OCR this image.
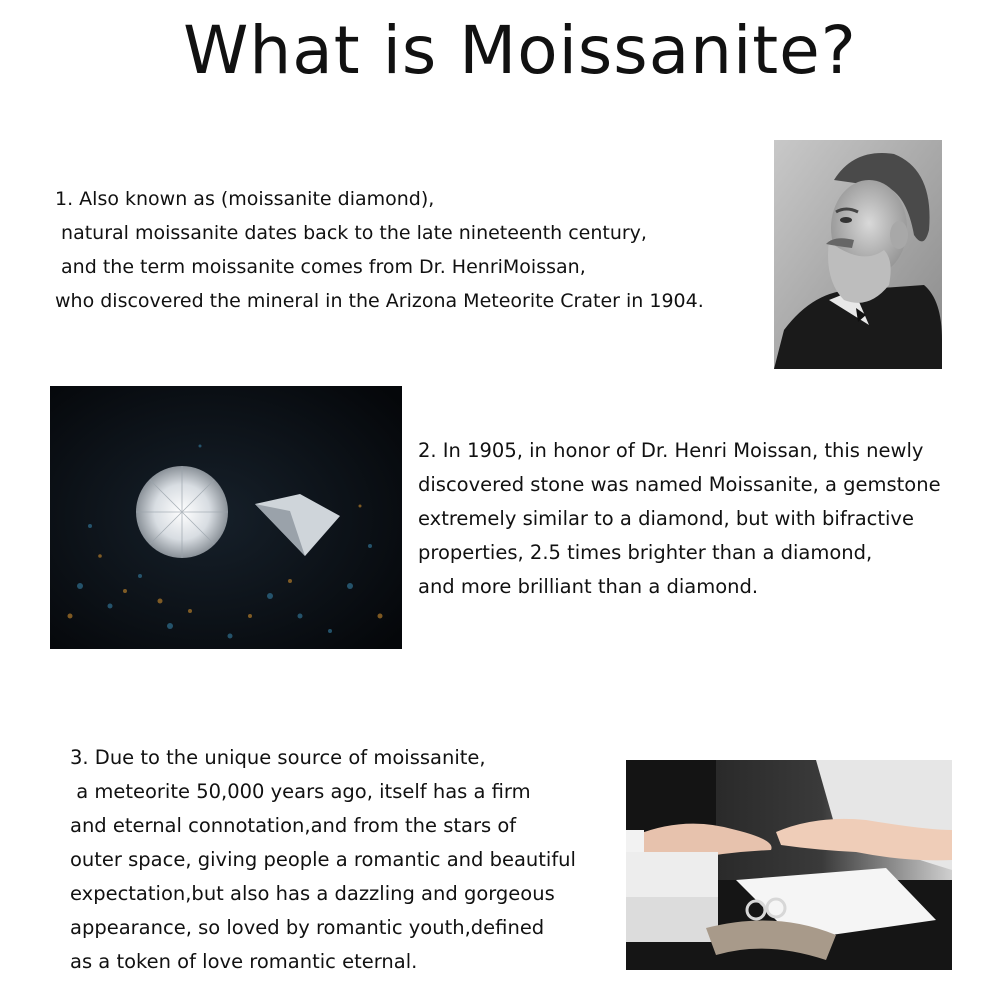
What is Moissanite?
1. Also known as (moissanite diamond),
natural moissanite dates back to the late nineteenth century,
and the term moissanite comes from Dr. HenriMoissan,
who discovered the mineral in the Arizona Meteorite Crater in 1904.
2. In 1905, in honor of Dr. Henri Moissan, this newly
discovered stone was named Moissanite, a gemstone
extremely similar to a diamond, but with bifractive
properties, 2.5 times brighter than a diamond,
and more brilliant than a diamond.
3. Due to the unique source of moissanite,
a meteorite 50,000 years ago, itself has a firm
and eternal connotation,and from the stars of
outer space, giving people a romantic and beautiful
expectation,but also has a dazzling and gorgeous
appearance, so loved by romantic youth,defined
as a token of love romantic eternal.
